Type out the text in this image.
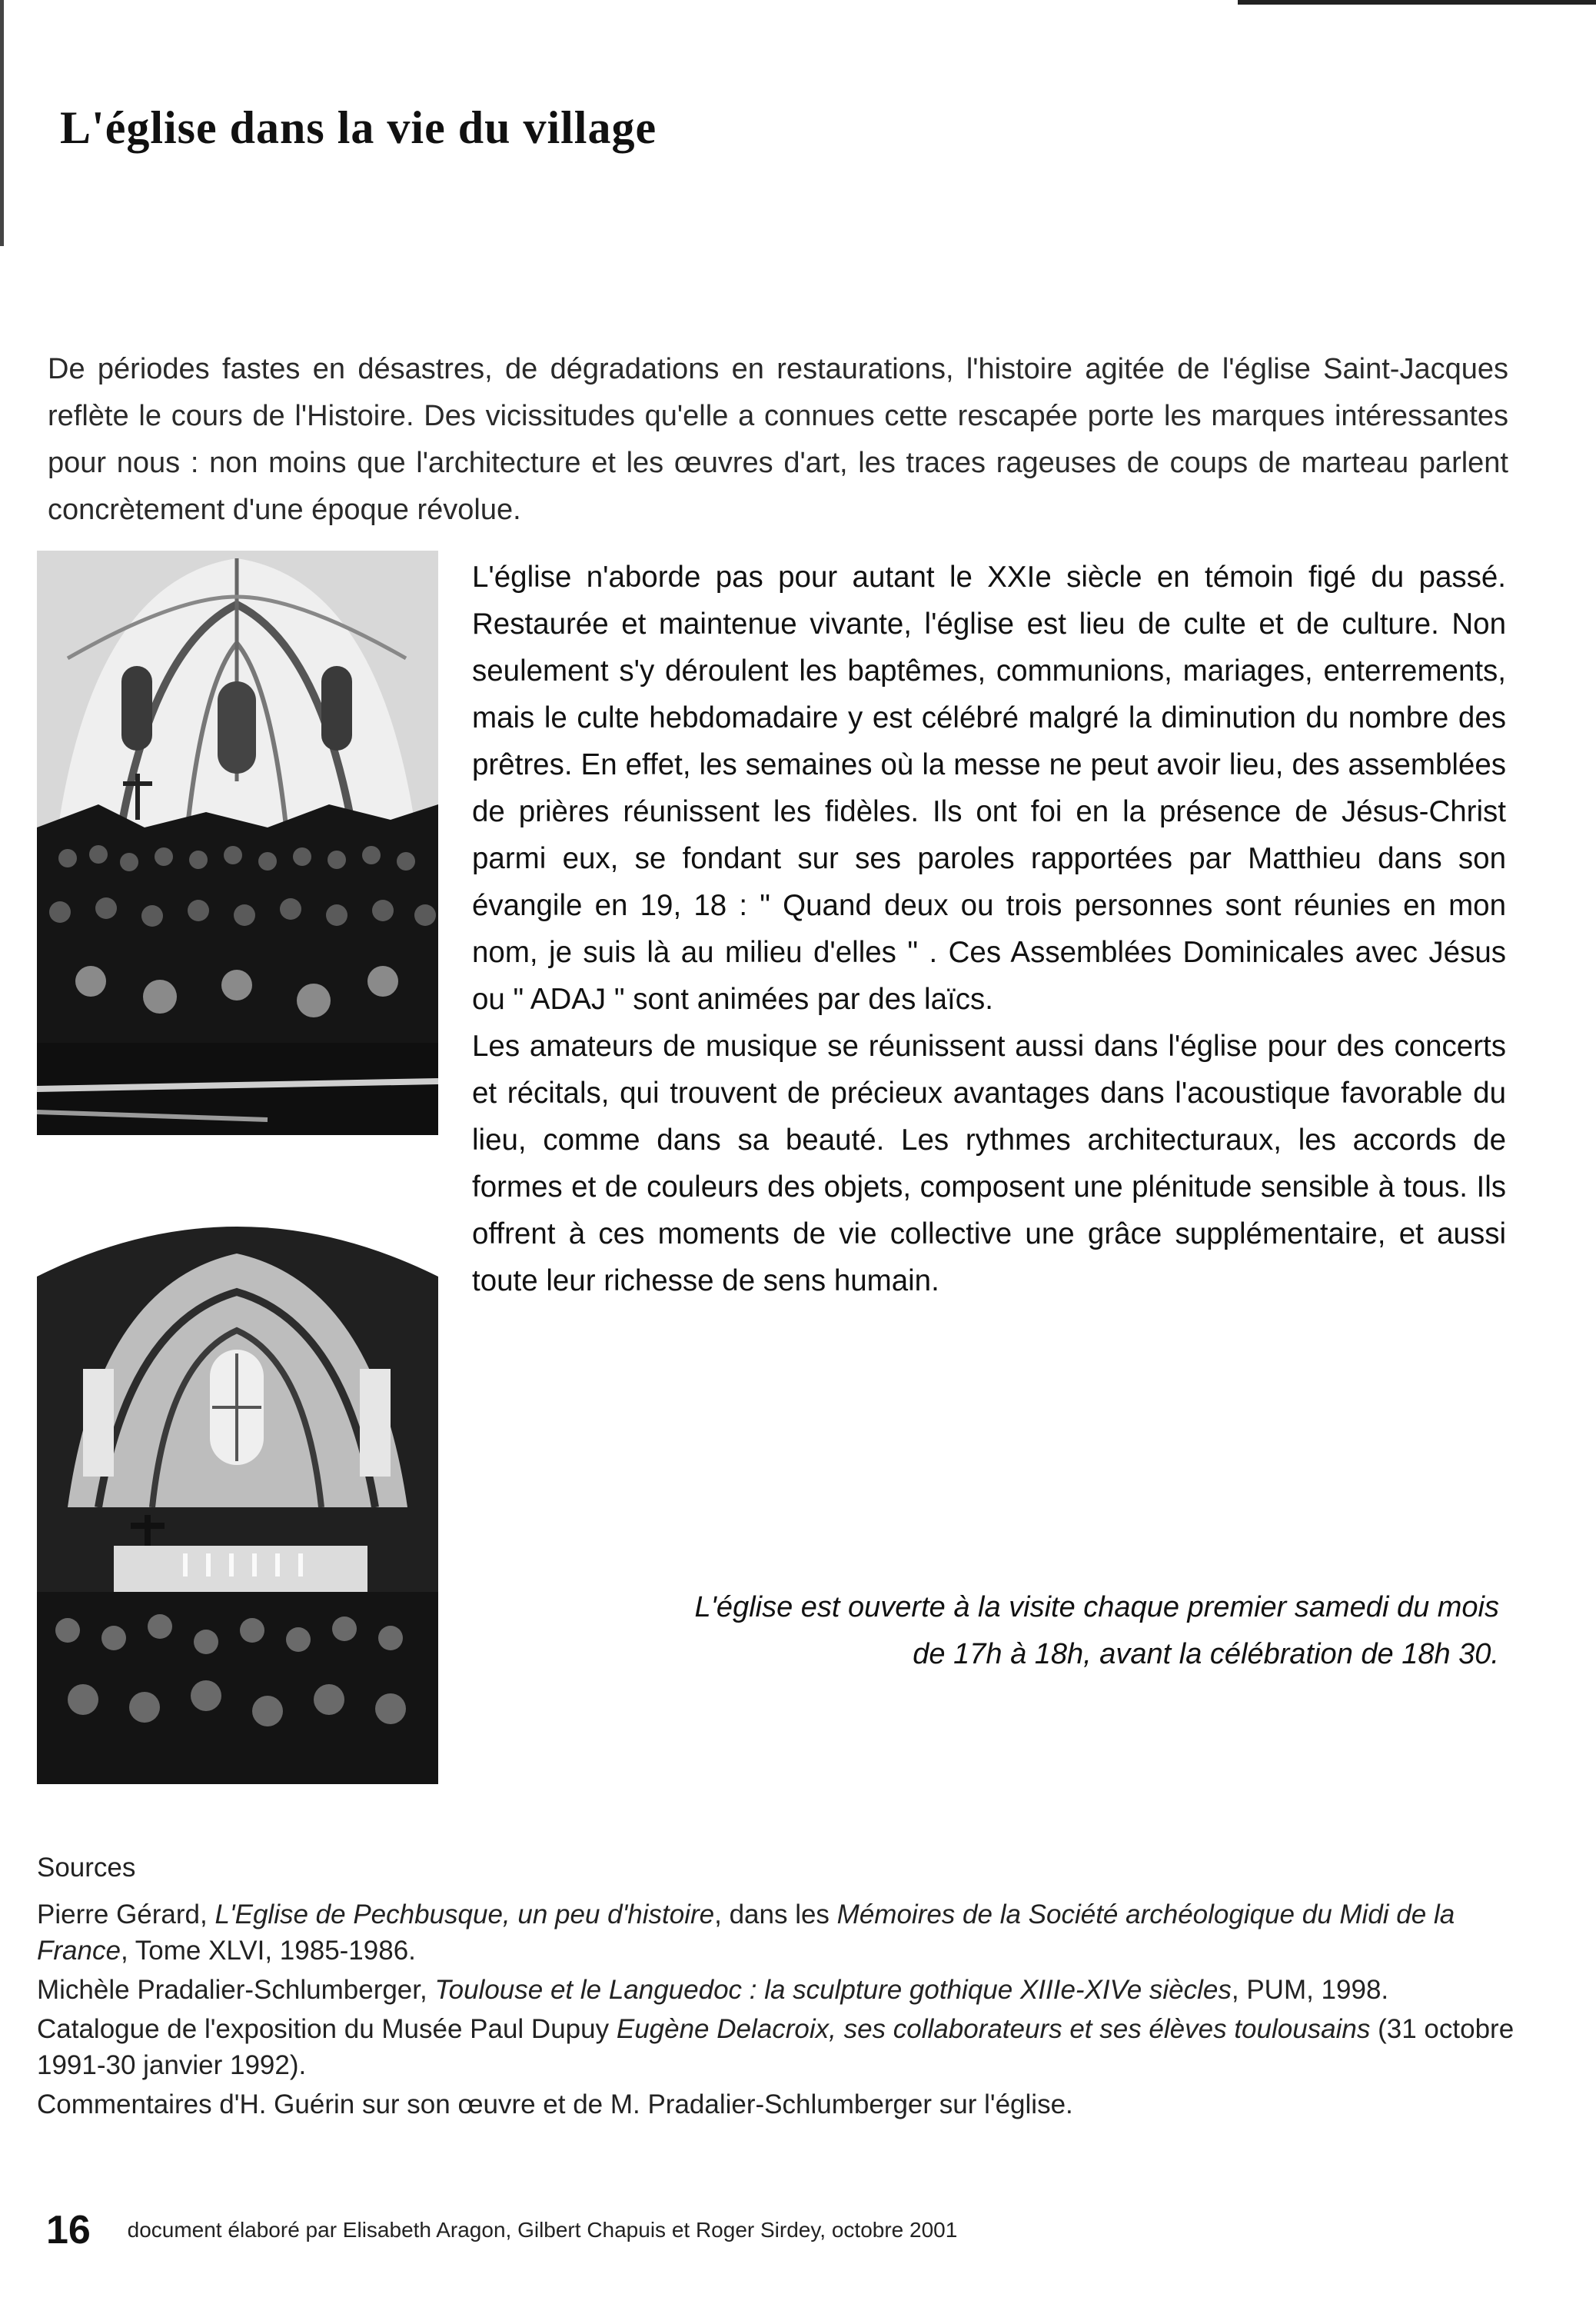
L'église dans la vie du village

De périodes fastes en désastres, de dégradations en restaurations, l'histoire agitée de l'église Saint-Jacques reflète le cours de l'Histoire. Des vicissitudes qu'elle a connues cette rescapée porte les marques intéressantes pour nous : non moins que l'architecture et les œuvres d'art, les traces rageuses de coups de marteau parlent concrètement d'une époque révolue.

L'église n'aborde pas pour autant le XXIe siècle en témoin figé du passé. Restaurée et maintenue vivante, l'église est lieu de culte et de culture. Non seulement s'y déroulent les baptêmes, communions, mariages, enterrements, mais le culte hebdomadaire y est célébré malgré la diminution du nombre des prêtres. En effet, les semaines où la messe ne peut avoir lieu, des assemblées de prières réunissent les fidèles. Ils ont foi en la présence de Jésus-Christ parmi eux, se fondant sur ses paroles rapportées par Matthieu dans son évangile en 19, 18 : " Quand deux ou trois personnes sont réunies en mon nom, je suis là au milieu d'elles " . Ces Assemblées Dominicales avec Jésus ou " ADAJ " sont animées par des laïcs.

Les amateurs de musique se réunissent aussi dans l'église pour des concerts et récitals, qui trouvent de précieux avantages dans l'acoustique favorable du lieu, comme dans sa beauté. Les rythmes architecturaux, les accords de formes et de couleurs des objets, composent une plénitude sensible à tous. Ils offrent à ces moments de vie collective une grâce supplémentaire, et aussi toute leur richesse de sens humain.

L'église est ouverte à la visite chaque premier samedi du mois
de 17h à 18h, avant la célébration de 18h 30.
Sources

Pierre Gérard, L'Eglise de Pechbusque, un peu d'histoire, dans les Mémoires de la Société archéologique du Midi de la France, Tome XLVI, 1985-1986.

Michèle Pradalier-Schlumberger, Toulouse et le Languedoc : la sculpture gothique XIIIe-XIVe siècles, PUM, 1998.

Catalogue de l'exposition du Musée Paul Dupuy Eugène Delacroix, ses collaborateurs et ses élèves toulousains (31 octobre 1991-30 janvier 1992).

Commentaires d'H. Guérin sur son œuvre et de M. Pradalier-Schlumberger sur l'église.

16 document élaboré par Elisabeth Aragon, Gilbert Chapuis et Roger Sirdey, octobre 2001
